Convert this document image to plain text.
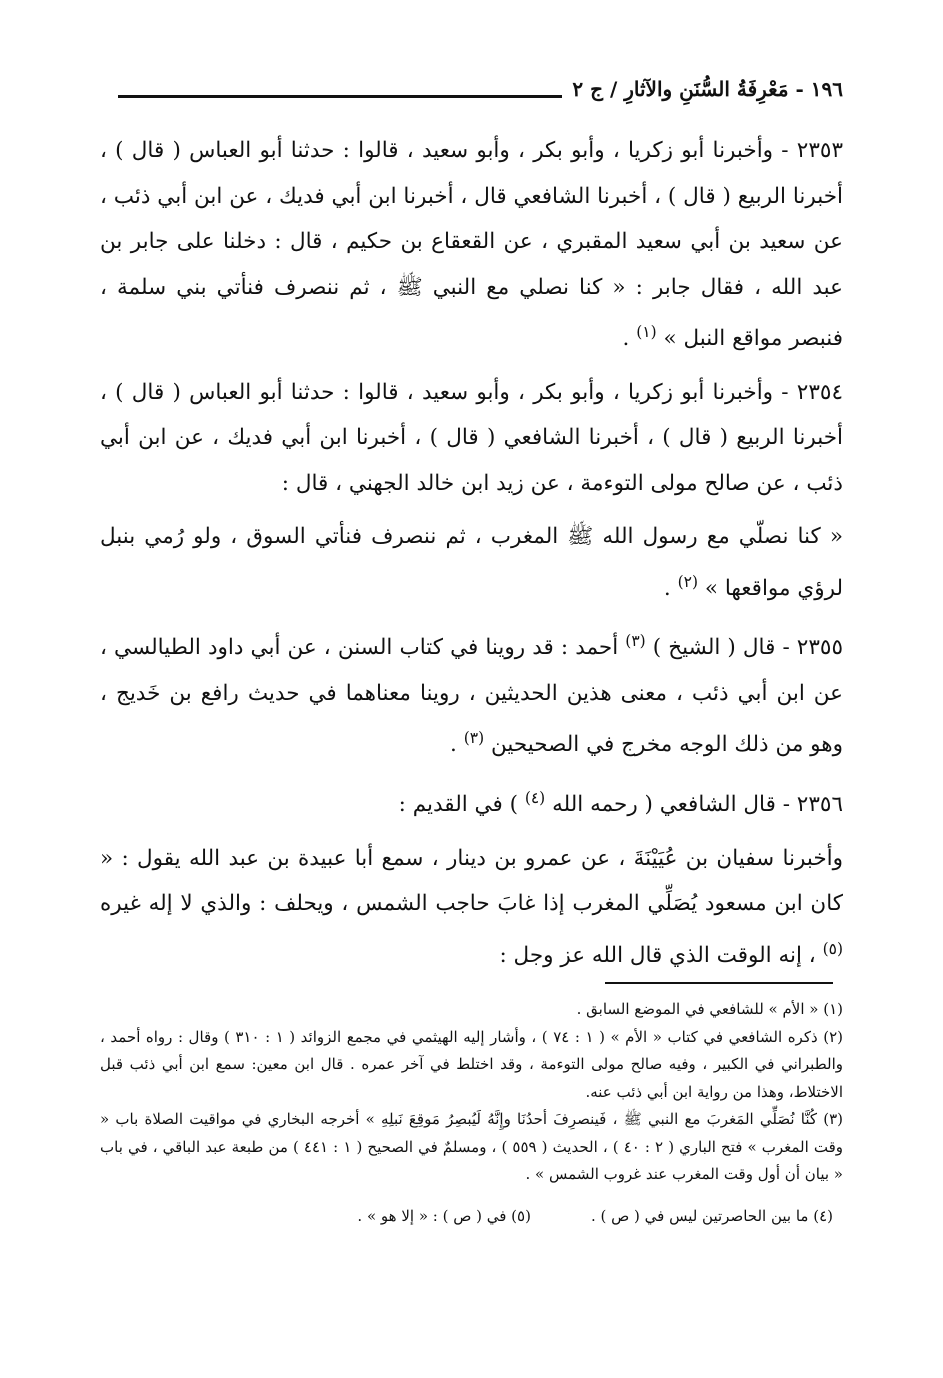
١٩٦ - مَعْرِفَةُ السُّنَنِ والآثارِ / ج ٢

٢٣٥٣ - وأخبرنا أبو زكريا ، وأبو بكر ، وأبو سعيد ، قالوا : حدثنا أبو العباس ( قال ) ، أخبرنا الربيع ( قال ) ، أخبرنا الشافعي قال ، أخبرنا ابن أبي فديك ، عن ابن أبي ذئب ، عن سعيد بن أبي سعيد المقبري ، عن القعقاع بن حكيم ، قال : دخلنا على جابر بن عبد الله ، فقال جابر : « كنا نصلي مع النبي ﷺ ، ثم ننصرف فنأتي بني سلمة ، فنبصر مواقع النبل » $^{(١)}$ .

٢٣٥٤ - وأخبرنا أبو زكريا ، وأبو بكر ، وأبو سعيد ، قالوا : حدثنا أبو العباس ( قال ) ، أخبرنا الربيع ( قال ) ، أخبرنا الشافعي ( قال ) ، أخبرنا ابن أبي فديك ، عن ابن أبي ذئب ، عن صالح مولى التوءمة ، عن زيد ابن خالد الجهني ، قال :

« كنا نصلّي مع رسول الله ﷺ المغرب ، ثم ننصرف فنأتي السوق ، ولو رُمي بنبل لرؤي مواقعها » $^{(٢)}$ .

٢٣٥٥ - قال ( الشيخ ) $^{(٣)}$ أحمد : قد روينا في كتاب السنن ، عن أبي داود الطيالسي ، عن ابن أبي ذئب ، معنى هذين الحديثين ، روينا معناهما في حديث رافع بن خَديج ، وهو من ذلك الوجه مخرج في الصحيحين $^{(٣)}$ .

٢٣٥٦ - قال الشافعي ( رحمه الله $^{(٤)}$ ) في القديم :

وأخبرنا سفيان بن عُيَيْنَةَ ، عن عمرو بن دينار ، سمع أبا عبيدة بن عبد الله يقول : « كان ابن مسعود يُصَلِّي المغرب إذا غابَ حاجب الشمس ، ويحلف : والذي لا إله غيره $^{(٥)}$ ، إنه الوقت الذي قال الله عز وجل :

(١) « الأم » للشافعي في الموضع السابق .

(٢) ذكره الشافعي في كتاب « الأم » ( ١ : ٧٤ ) ، وأشار إليه الهيثمي في مجمع الزوائد ( ١ : ٣١٠ ) وقال : رواه أحمد ، والطبراني في الكبير ، وفيه صالح مولى التوءمة ، وقد اختلط في آخر عمره . قال ابن معين: سمع ابن أبي ذئب قبل الاختلاط، وهذا من رواية ابن أبي ذئب عنه.

(٣) كُنَّا نُصَلِّي المَغربَ مع النبي ﷺ ، فَينصرِفَ أحدُنَا وإِنَّهُ لَيُبصِرُ مَوقِعَ نَبلِهِ » أخرجه البخاري في مواقيت الصلاة باب « وقت المغرب » فتح الباري ( ٢ : ٤٠ ) ، الحديث ( ٥٥٩ ) ، ومسلمٌ في الصحيح ( ١ : ٤٤١ ) من طبعة عبد الباقي ، في باب « بيان أن أول وقت المغرب عند غروب الشمس » .

(٤) ما بين الحاصرتين ليس في ( ص ) .
(٥) في ( ص ) : « إلا هو » .
